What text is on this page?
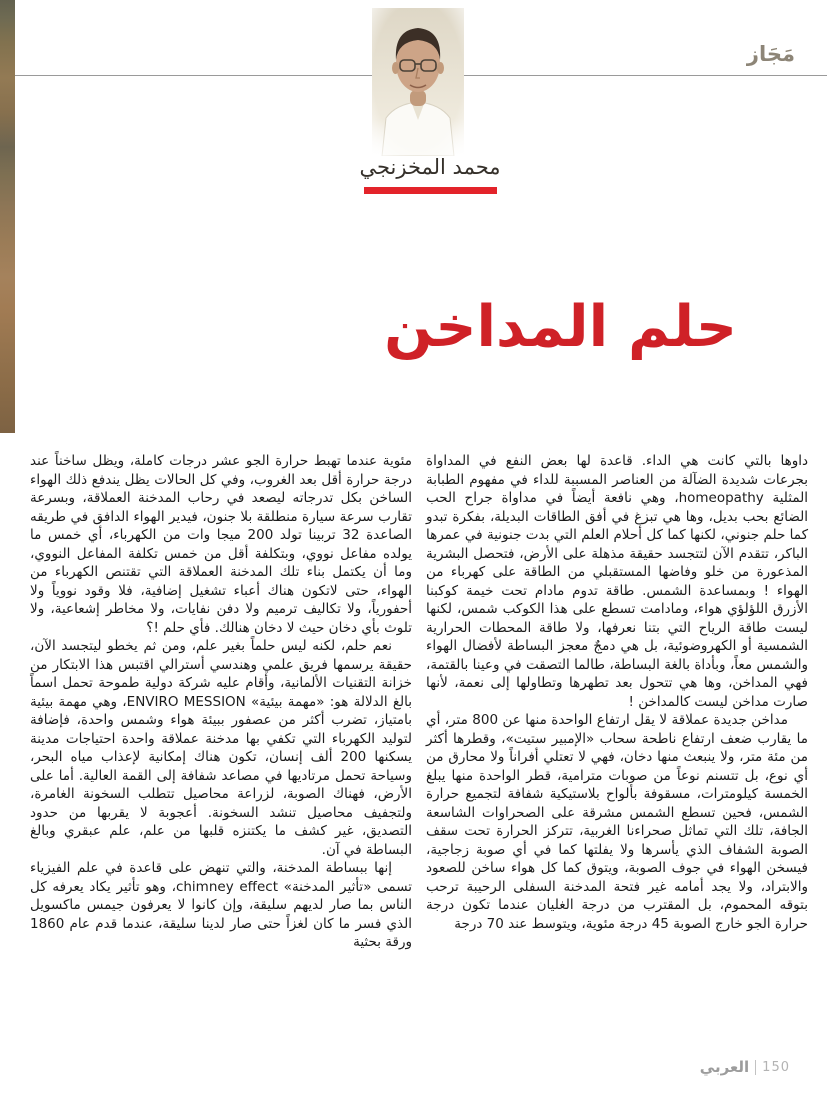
مَجَاز
محمد المخزنجي
حلم المداخن

داوها بالتي كانت هي الداء. قاعدة لها بعض النفع في المداواة بجرعات شديدة الضآلة من العناصر المسببة للداء في مفهوم الطبابة المثلية homeopathy، وهي نافعة أيضاً في مداواة جراح الحب الضائع بحب بديل، وها هي تبزغ في أفق الطاقات البديلة، بفكرة تبدو كما حلم جنوني، لكنها كما كل أحلام العلم التي بدت جنونية في عمرها الباكر، تتقدم الآن لتتجسد حقيقة مذهلة على الأرض، فتحصل البشرية المذعورة من خلو وفاضها المستقبلي من الطاقة على كهرباء من الهواء ! وبمساعدة الشمس. طاقة تدوم مادام تحت خيمة كوكبنا الأزرق اللؤلؤي هواء، ومادامت تسطع على هذا الكوكب شمس، لكنها ليست طاقة الرياح التي بتنا نعرفها، ولا طاقة المحطات الحرارية الشمسية أو الكهروضوئية، بل هي دمجٌ معجز البساطة لأفضال الهواء والشمس معاً، وبأداة بالغة البساطة، طالما التصقت في وعينا بالقتمة، فهي المداخن، وها هي تتحول بعد تطهرها وتطاولها إلى نعمة، لأنها صارت مداخن ليست كالمداخن !

مداخن جديدة عملاقة لا يقل ارتفاع الواحدة منها عن 800 متر، أي ما يقارب ضعف ارتفاع ناطحة سحاب «الإمبير ستيت»، وقطرها أكثر من مئة متر، ولا ينبعث منها دخان، فهي لا تعتلي أفراناً ولا محارق من أي نوع، بل تتسنم نوعاً من صوبات مترامية، قطر الواحدة منها يبلغ الخمسة كيلومترات، مسقوفة بألواح بلاستيكية شفافة لتجميع حرارة الشمس، فحين تسطع الشمس مشرقة على الصحراوات الشاسعة الجافة، تلك التي تماثل صحراءنا الغربية، تتركز الحرارة تحت سقف الصوبة الشفاف الذي يأسرها ولا يفلتها كما في أي صوبة زجاجية، فيسخن الهواء في جوف الصوبة، ويتوق كما كل هواء ساخن للصعود والابتراد، ولا يجد أمامه غير فتحة المدخنة السفلى الرحيبة ترحب بتوقه المحموم، بل المقترب من درجة الغليان عندما تكون درجة حرارة الجو خارج الصوبة 45 درجة مئوية، ويتوسط عند 70 درجة

مئوية عندما تهبط حرارة الجو عشر درجات كاملة، ويظل ساخناً عند درجة حرارة أقل بعد الغروب، وفي كل الحالات يظل يندفع ذلك الهواء الساخن بكل تدرجاته ليصعد في رحاب المدخنة العملاقة، وبسرعة تقارب سرعة سيارة منطلقة بلا جنون، فيدير الهواء الدافق في طريقه الصاعدة 32 تربينا تولد 200 ميجا وات من الكهرباء، أي خمس ما يولده مفاعل نووي، وبتكلفة أقل من خمس تكلفة المفاعل النووي، وما أن يكتمل بناء تلك المدخنة العملاقة التي تقتنص الكهرباء من الهواء، حتى لاتكون هناك أعباء تشغيل إضافية، فلا وقود نووياً ولا أحفورياً، ولا تكاليف ترميم ولا دفن نفايات، ولا مخاطر إشعاعية، ولا تلوث بأي دخان حيث لا دخان هنالك. فأي حلم !؟

نعم حلم، لكنه ليس حلماً بغير علم، ومن ثم يخطو ليتجسد الآن، حقيقة يرسمها فريق علمي وهندسي أسترالي اقتبس هذا الابتكار من خزانة التقنيات الألمانية، وأقام عليه شركة دولية طموحة تحمل اسماً بالغ الدلالة هو: «مهمة بيئية» ENVIRO MESSION، وهي مهمة بيئية بامتياز، تضرب أكثر من عصفور ببيئة هواء وشمس واحدة، فإضافة لتوليد الكهرباء التي تكفي بها مدخنة عملاقة واحدة احتياجات مدينة يسكنها 200 ألف إنسان، تكون هناك إمكانية لإعذاب مياه البحر، وسياحة تحمل مرتاديها في مصاعد شفافة إلى القمة العالية. أما على الأرض، فهناك الصوبة، لزراعة محاصيل تتطلب السخونة الغامرة، ولتجفيف محاصيل تنشد السخونة. أعجوبة لا يقربها من حدود التصديق، غير كشف ما يكتنزه قلبها من علم، علم عبقري وبالغ البساطة في آن.

إنها ببساطة المدخنة، والتي تنهض على قاعدة في علم الفيزياء تسمى «تأثير المدخنة» chimney effect، وهو تأثير يكاد يعرفه كل الناس بما صار لديهم سليقة، وإن كانوا لا يعرفون جيمس ماكسويل الذي فسر ما كان لغزاً حتى صار لدينا سليقة، عندما قدم عام 1860 ورقة بحثية

العربي 150
